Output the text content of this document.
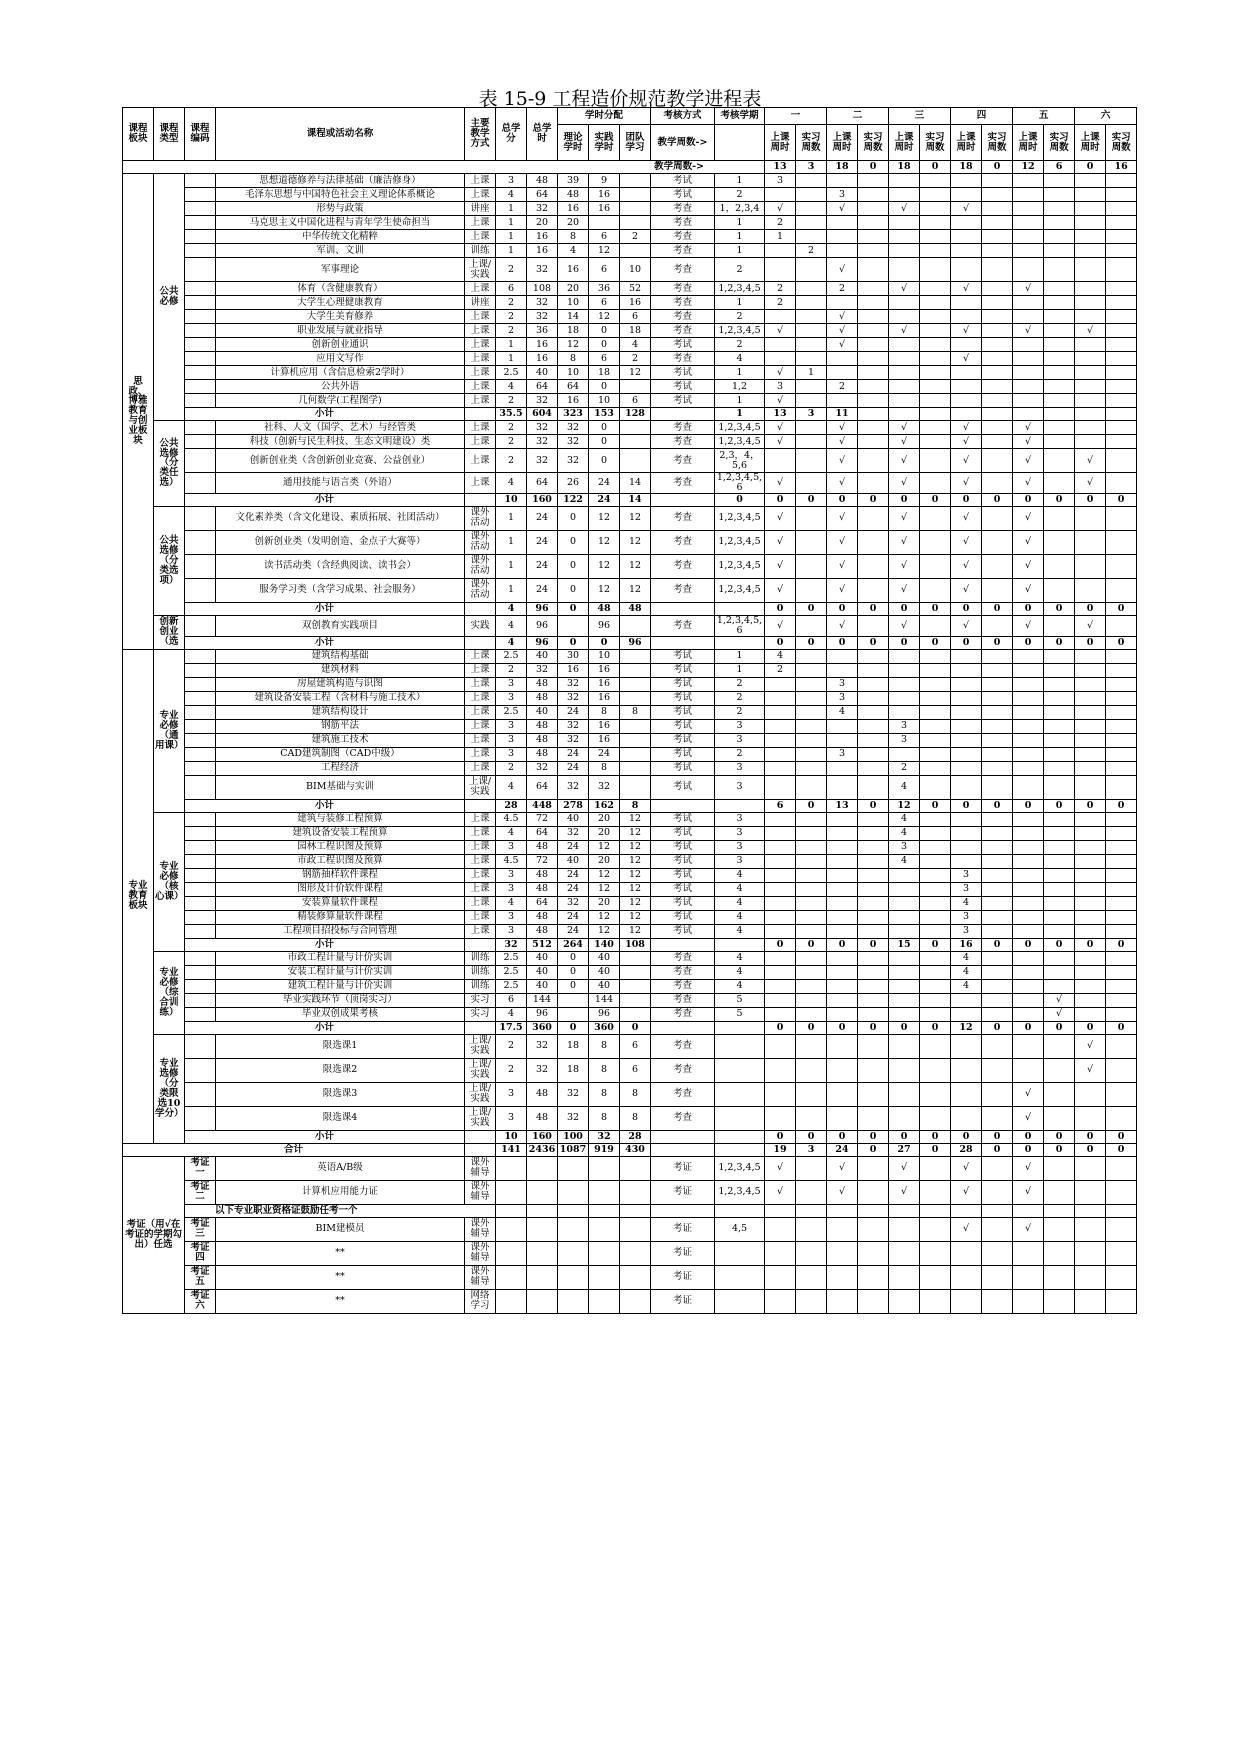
表 15-9 工程造价规范教学进程表
课程板块	课程类型	课程编码	课程或活动名称	主要教学方式	总学分	总学时	学时分配			考核方式	考核学期	一		二		三		四		五		六	
							理论学时	实践学时	团队学习														
										教学周数->		上课周时	实习周数	上课周时	实习周数	上课周时	实习周数	上课周时	实习周数	上课周时	实习周数	上课周时	实习周数
教学周数->												13	3	18	0	18	0	18	0	12	6	0	16
思政、博雅教育与创业板块	公共必修		思想道德修养与法律基础（廉洁修身）	上课	3	48	39	9		考试	1	3											
			毛泽东思想与中国特色社会主义理论体系概论	上课	4	64	48	16		考试	2			3									
			形势与政策	讲座	1	32	16	16		考查	1，2,3,4	√		√		√		√					
			马克思主义中国化进程与青年学生使命担当	上课	1	20	20			考查	1	2											
			中华传统文化精粹	上课	1	16	8	6	2	考查	1	1											
			军训、文训	训练	1	16	4	12		考查	1		2										
			军事理论	上课/实践	2	32	16	6	10	考查	2			√									
			体育（含健康教育）	上课	6	108	20	36	52	考查	1,2,3,4,5	2		2		√		√		√			
			大学生心理健康教育	讲座	2	32	10	6	16	考查	1	2											
			大学生美育修养	上课	2	32	14	12	6	考查	2			√									
			职业发展与就业指导	上课	2	36	18	0	18	考查	1,2,3,4,5	√		√		√		√		√		√	
			创新创业通识	上课	1	16	12	0	4	考试	2			√									
			应用文写作	上课	1	16	8	6	2	考查	4							√					
			计算机应用（含信息检索2学时）	上课	2.5	40	10	18	12	考试	1	√	1										
			公共外语	上课	4	64	64	0		考试	1,2	3		2									
			几何数学(工程图学)	上课	2	32	16	10	6	考试	1	√											
		小计			35.5	604	323	153	128		1	13	3	11									
	公共选修（分类任选）		社科、人文（国学、艺术）与经管类	上课	2	32	32	0		考查	1,2,3,4,5	√		√		√		√		√			
			科技（创新与民生科技、生态文明建设）类	上课	2	32	32	0		考查	1,2,3,4,5	√		√		√		√		√			
			创新创业类（含创新创业竞赛、公益创业）	上课	2	32	32	0		考查	2,3，4，5,6			√		√		√		√		√	
			通用技能与语言类（外语）	上课	4	64	26	24	14	考查	1,2,3,4,5,6	√		√		√		√		√		√	
		小计			10	160	122	24	14		0	0	0	0	0	0	0	0	0	0	0	0	0
	公共选修（分类选项）		文化素养类（含文化建设、素质拓展、社团活动）	课外活动	1	24	0	12	12	考查	1,2,3,4,5	√		√		√		√		√			
			创新创业类（发明创造、金点子大赛等）	课外活动	1	24	0	12	12	考查	1,2,3,4,5	√		√		√		√		√			
			读书活动类（含经典阅读、读书会）	课外活动	1	24	0	12	12	考查	1,2,3,4,5	√		√		√		√		√			
			服务学习类（含学习成果、社会服务）	课外活动	1	24	0	12	12	考查	1,2,3,4,5	√		√		√		√		√			
		小计			4	96	0	48	48			0	0	0	0	0	0	0	0	0	0	0	0
	创新创业（选		双创教育实践项目	实践	4	96		96		考查	1,2,3,4,5,6	√		√		√		√		√		√	
		小计			4	96	0	0	96			0	0	0	0	0	0	0	0	0	0	0	0
专业教育板块	专业必修（通用课）		建筑结构基础	上课	2.5	40	30	10		考试	1	4											
			建筑材料	上课	2	32	16	16		考试	1	2											
			房屋建筑构造与识图	上课	3	48	32	16		考试	2			3									
			建筑设备安装工程（含材料与施工技术）	上课	3	48	32	16		考试	2			3									
			建筑结构设计	上课	2.5	40	24	8	8	考试	2			4									
			钢筋平法	上课	3	48	32	16		考试	3					3							
			建筑施工技术	上课	3	48	32	16		考试	3					3							
			CAD建筑制图（CAD中级）	上课	3	48	24	24		考试	2			3									
			工程经济	上课	2	32	24	8		考试	3					2							
			BIM基础与实训	上课/实践	4	64	32	32		考试	3					4							
		小计			28	448	278	162	8			6	0	13	0	12	0	0	0	0	0	0	0
	专业必修（核心课）		建筑与装修工程预算	上课	4.5	72	40	20	12	考试	3					4							
			建筑设备安装工程预算	上课	4	64	32	20	12	考试	3					4							
			园林工程识图及预算	上课	3	48	24	12	12	考试	3					3							
			市政工程识图及预算	上课	4.5	72	40	20	12	考试	3					4							
			钢筋抽样软件课程	上课	3	48	24	12	12	考试	4							3					
			图形及计价软件课程	上课	3	48	24	12	12	考试	4							3					
			安装算量软件课程	上课	4	64	32	20	12	考试	4							4					
			精装修算量软件课程	上课	3	48	24	12	12	考试	4							3					
			工程项目招投标与合同管理	上课	3	48	24	12	12	考试	4							3					
		小计			32	512	264	140	108			0	0	0	0	15	0	16	0	0	0	0	0
	专业必修（综合训练）		市政工程计量与计价实训	训练	2.5	40	0	40		考查	4							4					
			安装工程计量与计价实训	训练	2.5	40	0	40		考查	4							4					
			建筑工程计量与计价实训	训练	2.5	40	0	40		考查	4							4					
			毕业实践环节（顶岗实习）	实习	6	144		144		考查	5										√		
			毕业双创成果考核	实习	4	96		96		考查	5										√		
		小计			17.5	360	0	360	0			0	0	0	0	0	0	12	0	0	0	0	0
	专业选修（分类限选10学分）		限选课1	上课/实践	2	32	18	8	6	考查												√	
			限选课2	上课/实践	2	32	18	8	6	考查												√	
			限选课3	上课/实践	3	48	32	8	8	考查										√			
			限选课4	上课/实践	3	48	32	8	8	考查										√			
		小计			10	160	100	32	28			0	0	0	0	0	0	0	0	0	0	0	0
合计					141	2436	1087	919	430			19	3	24	0	27	0	28	0	0	0	0	0
考证（用√在考证的学期勾出）任选		考证一	英语A/B级	课外辅导						考证	1,2,3,4,5	√		√		√		√		√			
		考证二	计算机应用能力证	课外辅导						考证	1,2,3,4,5	√		√		√		√		√			
		以下专业职业资格证鼓励任考一个																					
		考证三	BIM建模员	课外辅导						考证	4,5							√		√			
		考证四	**	课外辅导						考证													
		考证五	**	课外辅导						考证													
		考证六	**	网络学习						考证													
